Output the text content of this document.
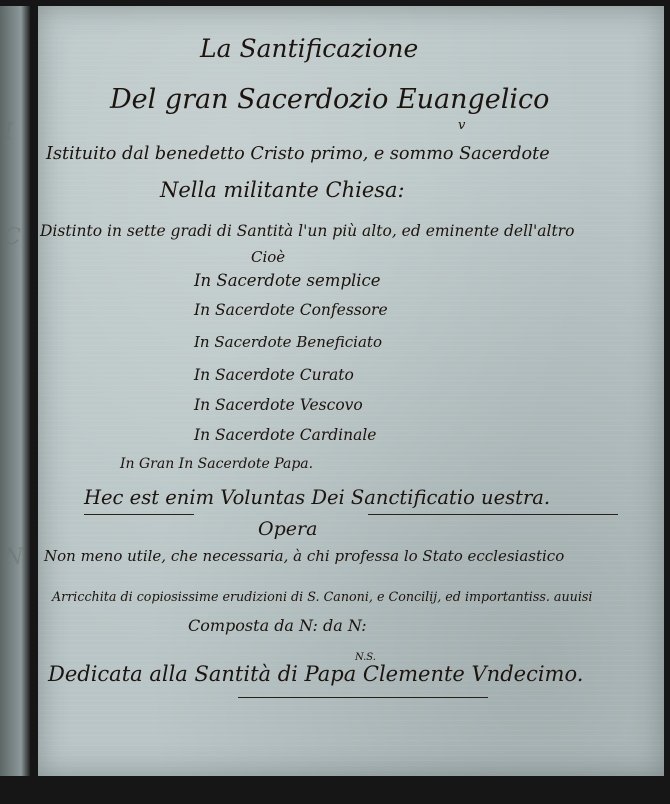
I
C
N
La Santificazione
Del gran Sacerdozio Euangelico
v
Istituito dal benedetto Cristo primo, e sommo Sacerdote
Nella militante Chiesa:
Distinto in sette gradi di Santità l'un più alto, ed eminente dell'altro
Cioè
In Sacerdote semplice
In Sacerdote Confessore
In Sacerdote Beneficiato
In Sacerdote Curato
In Sacerdote Vescovo
In Sacerdote Cardinale
In Gran In Sacerdote Papa.
Hec est enim Voluntas Dei Sanctificatio uestra.
Opera
Non meno utile, che necessaria, à chi professa lo Stato ecclesiastico
Arricchita di copiosissime erudizioni di S. Canoni, e Concilij, ed importantiss. auuisi
Composta da N: da N:
N.S.
Dedicata alla Santità di Papa Clemente Vndecimo.
